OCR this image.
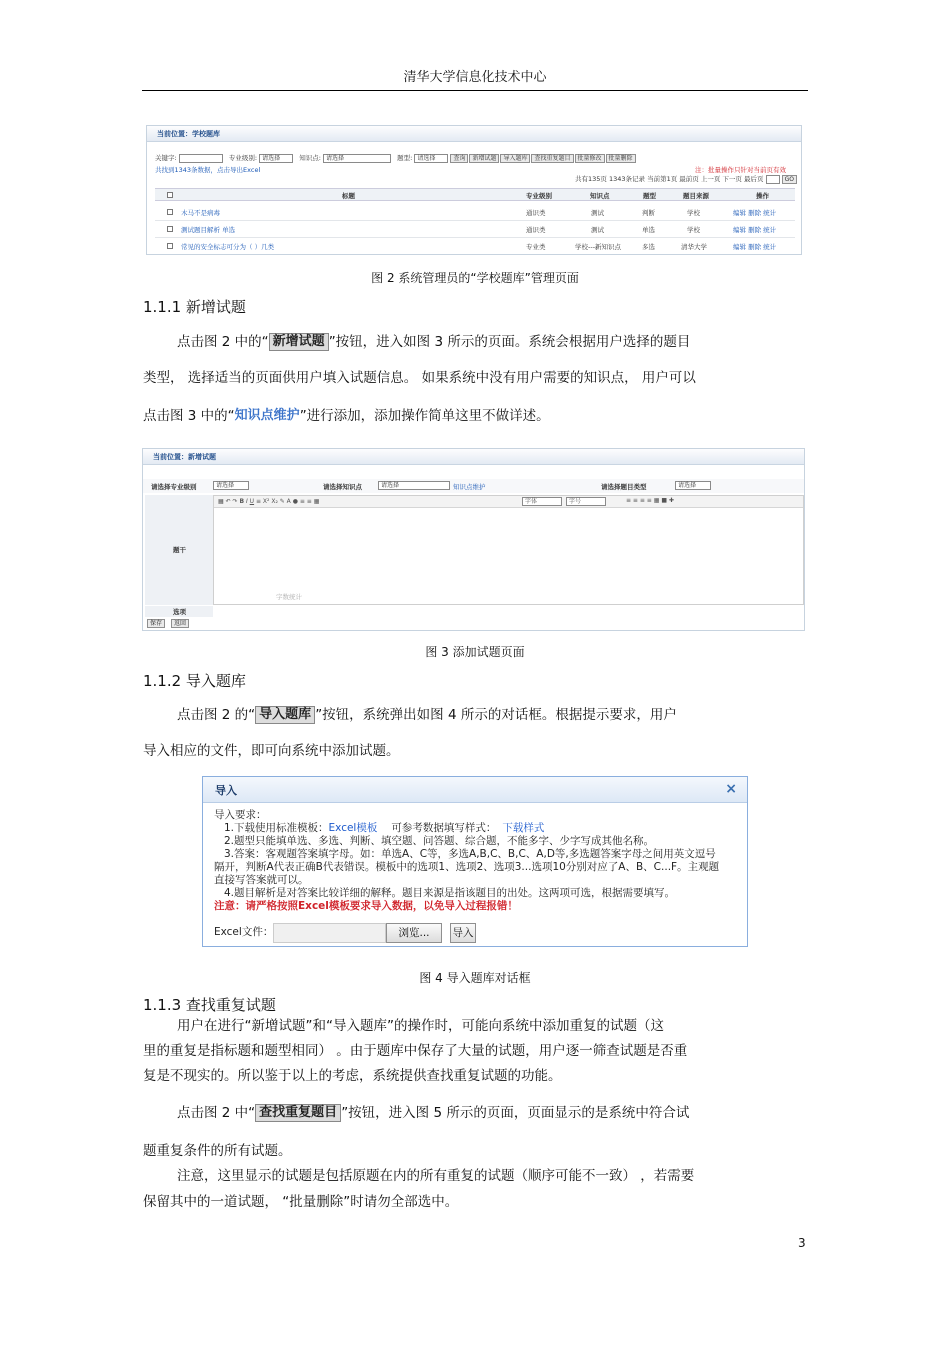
清华大学信息化技术中心
当前位置：学校题库
关键字:	专业级别: 请选择	知识点: 请选择	题型: 请选择	查询 新增试题 导入题库 查找重复题目 批量修改 批量删除
共找到1343条数据，点击导出Excel	注：批量操作只针对当前页有效
共有135页 1343条记录 当前第1页 最前页 上一页 下一页 最后页	GO
标题	专业级别	知识点	题型	题目来源	操作
木马不是病毒	通识类	测试	判断	学校	编辑 删除 统计
测试题目解析 单选	通识类	测试	单选	学校	编辑 删除 统计
常见的安全标志可分为（ ）几类	专业类	学校---新知识点	多选	清华大学	编辑 删除 统计
图 2 系统管理员的“学校题库”管理页面
1.1.1 新增试题
点击图 2 中的“ 新增试题 ”按钮，进入如图 3 所示的页面。系统会根据用户选择的题目
类型， 选择适当的页面供用户填入试题信息。 如果系统中没有用户需要的知识点， 用户可以
点击图 3 中的“知识点维护”进行添加，添加操作简单这里不做详述。
当前位置：新增试题
请选择专业级别	请选择	请选择知识点	请选择	知识点维护	请选择题目类型	请选择
题干
▦ ↶ ↷ B I U ≡ X² X₂ ✎ A ● ≡ ≡ ▦	字体	字号	≡ ≡ ≡ ≡ ▦ ■ ✚
字数统计
选项
保存	返回
图 3 添加试题页面
1.1.2 导入题库
点击图 2 的“ 导入题库 ”按钮，系统弹出如图 4 所示的对话框。根据提示要求，用户
导入相应的文件，即可向系统中添加试题。
导入	×
导入要求：
1.下载使用标准模板：Excel模板 可参考数据填写样式： 下载样式
2.题型只能填单选、多选、判断、填空题、问答题、综合题，不能多字、少字写成其他名称。
3.答案：客观题答案填字母。如：单选A、C等，多选A,B,C、B,C、A,D等,多选题答案字母之间用英文逗号
隔开，判断A代表正确B代表错误。模板中的选项1、选项2、选项3...选项10分别对应了A、B、C...F。主观题
直接写答案就可以。
4.题目解析是对答案比较详细的解释。题目来源是指该题目的出处。这两项可选，根据需要填写。
注意：请严格按照Excel模板要求导入数据，以免导入过程报错！
Excel文件：	浏览...	导入
图 4 导入题库对话框
1.1.3 查找重复试题
用户在进行“新增试题”和“导入题库”的操作时，可能向系统中添加重复的试题（这
里的重复是指标题和题型相同） 。由于题库中保存了大量的试题，用户逐一筛查试题是否重
复是不现实的。所以鉴于以上的考虑，系统提供查找重复试题的功能。
点击图 2 中“ 查找重复题目 ”按钮，进入图 5 所示的页面，页面显示的是系统中符合试
题重复条件的所有试题。
注意，这里显示的试题是包括原题在内的所有重复的试题（顺序可能不一致） ，若需要
保留其中的一道试题， “批量删除”时请勿全部选中。
3
